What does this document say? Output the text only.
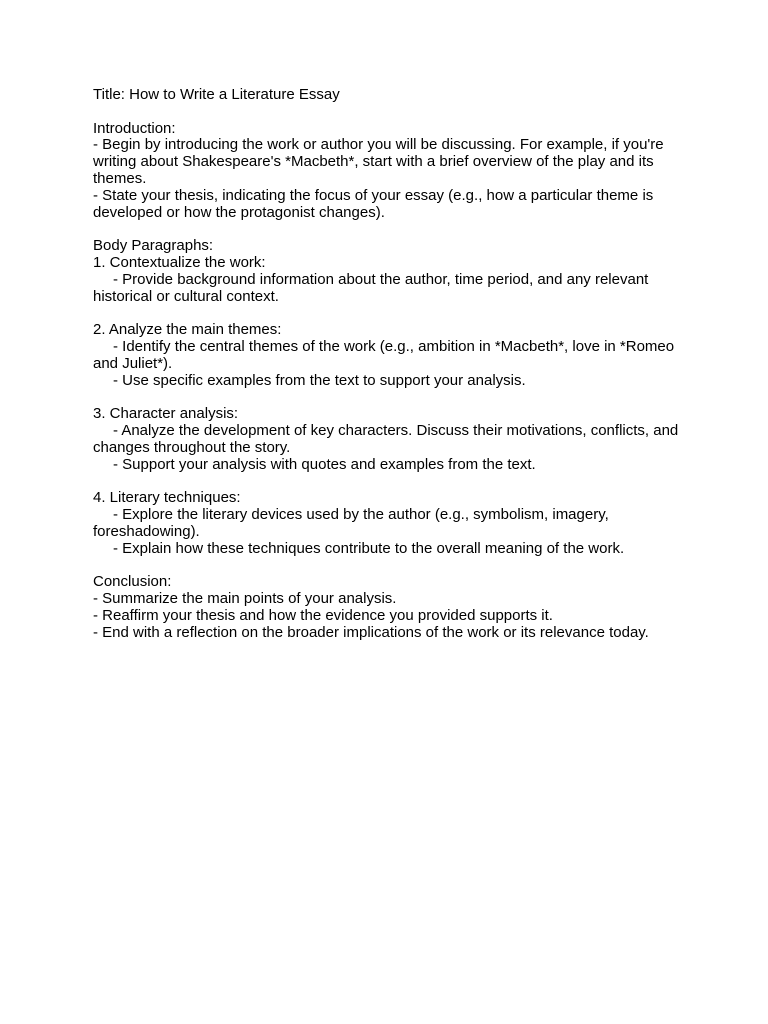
Title: How to Write a Literature Essay
Introduction:
- Begin by introducing the work or author you will be discussing. For example, if you're writing about Shakespeare's *Macbeth*, start with a brief overview of the play and its themes.
- State your thesis, indicating the focus of your essay (e.g., how a particular theme is developed or how the protagonist changes).
Body Paragraphs:
1. Contextualize the work:
- Provide background information about the author, time period, and any relevant historical or cultural context.
2. Analyze the main themes:
- Identify the central themes of the work (e.g., ambition in *Macbeth*, love in *Romeo and Juliet*).
- Use specific examples from the text to support your analysis.
3. Character analysis:
- Analyze the development of key characters. Discuss their motivations, conflicts, and changes throughout the story.
- Support your analysis with quotes and examples from the text.
4. Literary techniques:
- Explore the literary devices used by the author (e.g., symbolism, imagery, foreshadowing).
- Explain how these techniques contribute to the overall meaning of the work.
Conclusion:
- Summarize the main points of your analysis.
- Reaffirm your thesis and how the evidence you provided supports it.
- End with a reflection on the broader implications of the work or its relevance today.
